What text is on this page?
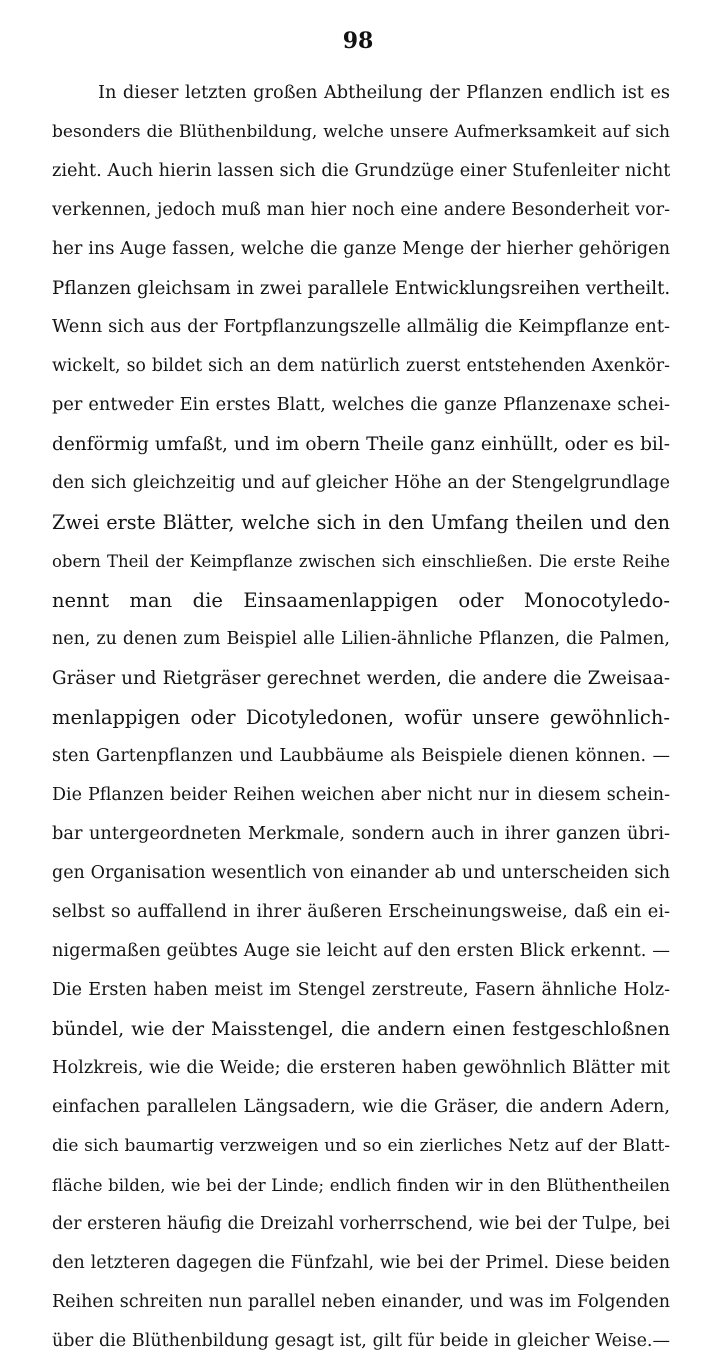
98
In dieser letzten großen Abtheilung der Pflanzen endlich ist es
besonders die Blüthenbildung, welche unsere Aufmerksamkeit auf sich
zieht. Auch hierin lassen sich die Grundzüge einer Stufenleiter nicht
verkennen, jedoch muß man hier noch eine andere Besonderheit vor-
her ins Auge fassen, welche die ganze Menge der hierher gehörigen
Pflanzen gleichsam in zwei parallele Entwicklungsreihen vertheilt.
Wenn sich aus der Fortpflanzungszelle allmälig die Keimpflanze ent-
wickelt, so bildet sich an dem natürlich zuerst entstehenden Axenkör-
per entweder Ein erstes Blatt, welches die ganze Pflanzenaxe schei-
denförmig umfaßt, und im obern Theile ganz einhüllt, oder es bil-
den sich gleichzeitig und auf gleicher Höhe an der Stengelgrundlage
Zwei erste Blätter, welche sich in den Umfang theilen und den
obern Theil der Keimpflanze zwischen sich einschließen. Die erste Reihe
nennt man die Einsaamenlappigen oder Monocotyledo-
nen, zu denen zum Beispiel alle Lilien-ähnliche Pflanzen, die Palmen,
Gräser und Rietgräser gerechnet werden, die andere die Zweisaa-
menlappigen oder Dicotyledonen, wofür unsere gewöhnlich-
sten Gartenpflanzen und Laubbäume als Beispiele dienen können. —
Die Pflanzen beider Reihen weichen aber nicht nur in diesem schein-
bar untergeordneten Merkmale, sondern auch in ihrer ganzen übri-
gen Organisation wesentlich von einander ab und unterscheiden sich
selbst so auffallend in ihrer äußeren Erscheinungsweise, daß ein ei-
nigermaßen geübtes Auge sie leicht auf den ersten Blick erkennt. —
Die Ersten haben meist im Stengel zerstreute, Fasern ähnliche Holz-
bündel, wie der Maisstengel, die andern einen festgeschloßnen
Holzkreis, wie die Weide; die ersteren haben gewöhnlich Blätter mit
einfachen parallelen Längsadern, wie die Gräser, die andern Adern,
die sich baumartig verzweigen und so ein zierliches Netz auf der Blatt-
fläche bilden, wie bei der Linde; endlich finden wir in den Blüthentheilen
der ersteren häufig die Dreizahl vorherrschend, wie bei der Tulpe, bei
den letzteren dagegen die Fünfzahl, wie bei der Primel. Diese beiden
Reihen schreiten nun parallel neben einander, und was im Folgenden
über die Blüthenbildung gesagt ist, gilt für beide in gleicher Weise.—
